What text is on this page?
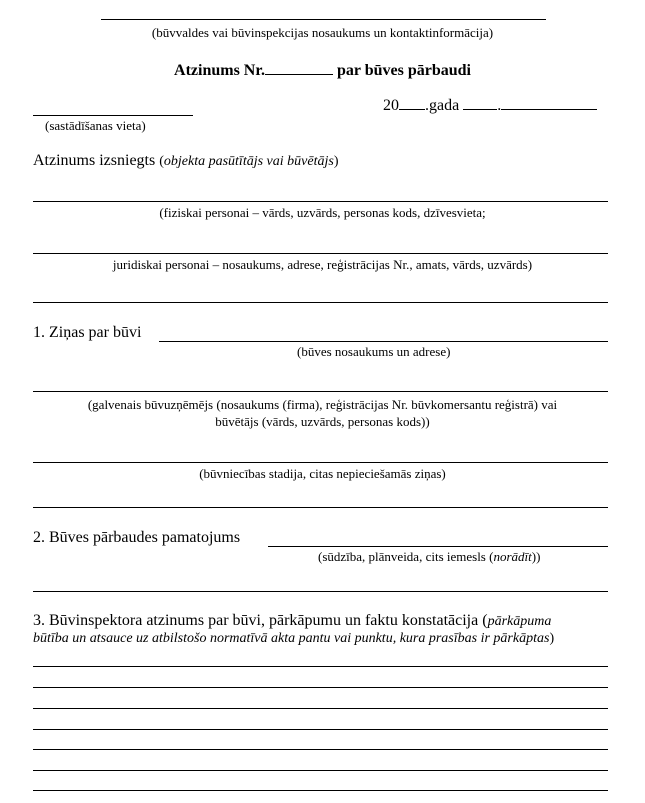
(būvvaldes vai būvinspekcijas nosaukums un kontaktinformācija)
Atzinums Nr.	par būves pārbaudi
(sastādīšanas vieta)
20 .gada .
Atzinums izsniegts (objekta pasūtītājs vai būvētājs)
(fiziskai personai – vārds, uzvārds, personas kods, dzīvesvieta;
juridiskai personai – nosaukums, adrese, reģistrācijas Nr., amats, vārds, uzvārds)
1. Ziņas par būvi
(būves nosaukums un adrese)
(galvenais būvuzņēmējs (nosaukums (firma), reģistrācijas Nr. būvkomersantu reģistrā) vai
būvētājs (vārds, uzvārds, personas kods))
(būvniecības stadija, citas nepieciešamās ziņas)
2. Būves pārbaudes pamatojums
(sūdzība, plānveida, cits iemesls (norādīt))
3. Būvinspektora atzinums par būvi, pārkāpumu un faktu konstatācija (pārkāpuma
būtība un atsauce uz atbilstošo normatīvā akta pantu vai punktu, kura prasības ir pārkāptas)
